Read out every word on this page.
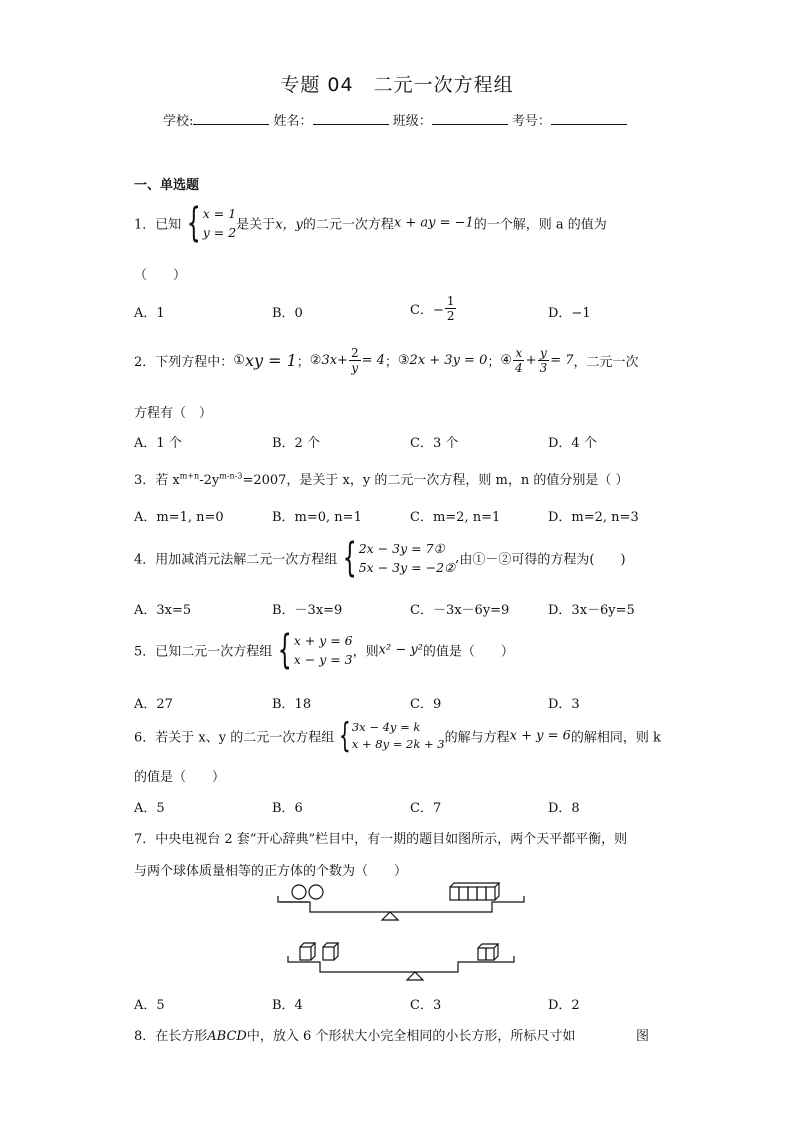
专题 04　二元一次方程组
学校:	姓名：	班级：	考号：
一、单选题
1．已知 { x = 1
y = 2 是关于x，y的二元一次方程x + ay = −1的一个解，则 a 的值为
（　　）
A．1	B．0	C．− $\frac{1}{2}$	D．−1
2．下列方程中：①xy = 1；②3x+ $\frac{2}{y} = 4$；③2x + 3y = 0；④ $\frac{x}{4} + \frac{y}{3} = 7$，二元一次
方程有（　）
A．1 个	B．2 个	C．3 个	D．4 个
3．若 $x^{m+n}-2y^{m-n-3}=2007$，是关于 x，y 的二元一次方程，则 m，n 的值分别是（ ）
A．m=1, n=0	B．m=0, n=1	C．m=2, n=1	D．m=2, n=3
4．用加减消元法解二元一次方程组 { 2x − 3y = 7①
5x − 3y = −2②
,由①－②可得的方程为(　　)
A．3x=5	B．－3x=9	C．－3x－6y=9	D．3x－6y=5
5．已知二元一次方程组 { x + y = 6
x − y = 3 ，则x² − y²的值是（　　）
A．27	B．18	C．9	D．3
6．若关于 x、y 的二元一次方程组 { 3x − 4y = k
x + 8y = 2k + 3 的解与方程x + y = 6的解相同，则 k
的值是（　　）
A．5	B．6	C．7	D．8
7．中央电视台 2 套“开心辞典”栏目中，有一期的题目如图所示，两个天平都平衡，则
与两个球体质量相等的正方体的个数为（　　）
A．5	B．4	C．3	D．2
8．在长方形ABCD中，放入 6 个形状大小完全相同的小长方形，所标尺寸如	图
